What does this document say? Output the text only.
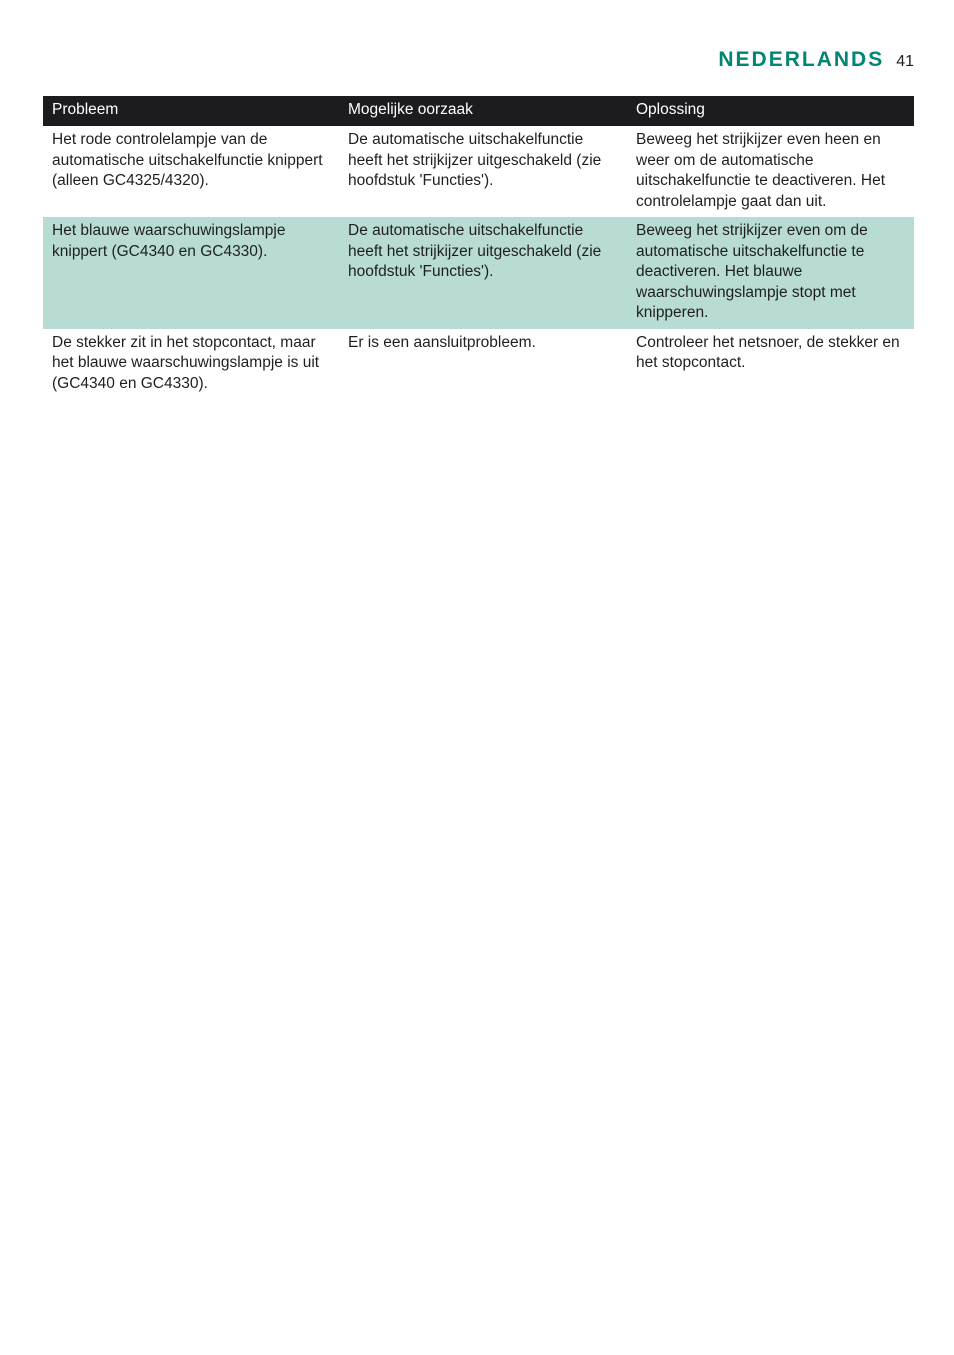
NEDERLANDS 41
Probleem	Mogelijke oorzaak	Oplossing
Het rode controlelampje van de automatische uitschakelfunctie knippert (alleen GC4325/4320).	De automatische uitschakelfunctie heeft het strijkijzer uitgeschakeld (zie hoofdstuk 'Functies').	Beweeg het strijkijzer even heen en weer om de automatische uitschakelfunctie te deactiveren. Het controlelampje gaat dan uit.
Het blauwe waarschuwingslampje knippert (GC4340 en GC4330).	De automatische uitschakelfunctie heeft het strijkijzer uitgeschakeld (zie hoofdstuk 'Functies').	Beweeg het strijkijzer even om de automatische uitschakelfunctie te deactiveren. Het blauwe waarschuwingslampje stopt met knipperen.
De stekker zit in het stopcontact, maar het blauwe waarschuwingslampje is uit (GC4340 en GC4330).	Er is een aansluitprobleem.	Controleer het netsnoer, de stekker en het stopcontact.
